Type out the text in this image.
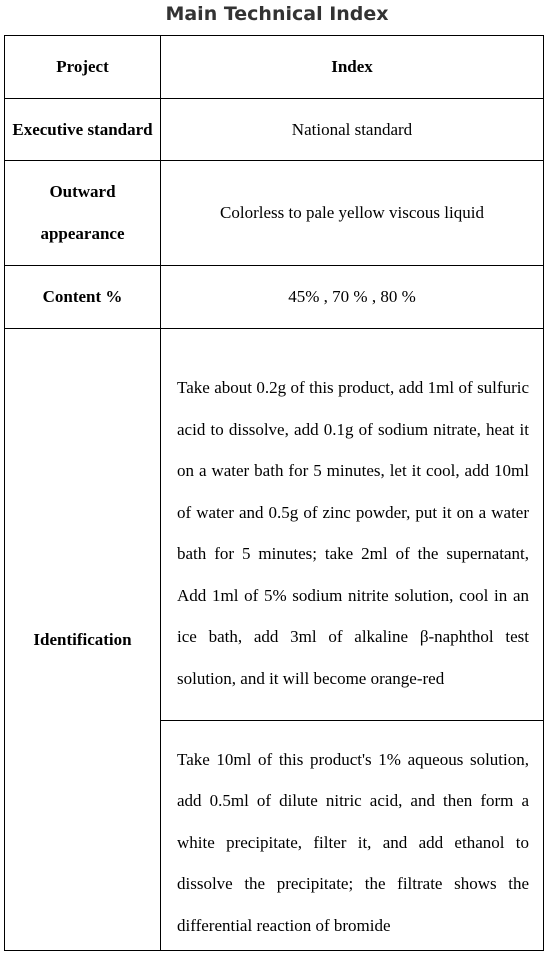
Main Technical Index
Project	Index
Executive standard	National standard
Outward appearance	Colorless to pale yellow viscous liquid
Content %	45% , 70 % , 80 %
Identification	Take about 0.2g of this product, add 1ml of sulfuric acid to dissolve, add 0.1g of sodium nitrate, heat it on a water bath for 5 minutes, let it cool, add 10ml of water and 0.5g of zinc powder, put it on a water bath for 5 minutes; take 2ml of the supernatant, Add 1ml of 5% sodium nitrite solution, cool in an ice bath, add 3ml of alkaline β-naphthol test solution, and it will become orange-red

	Take 10ml of this product's 1% aqueous solution, add 0.5ml of dilute nitric acid, and then form a white precipitate, filter it, and add ethanol to dissolve the precipitate; the filtrate shows the differential reaction of bromide
